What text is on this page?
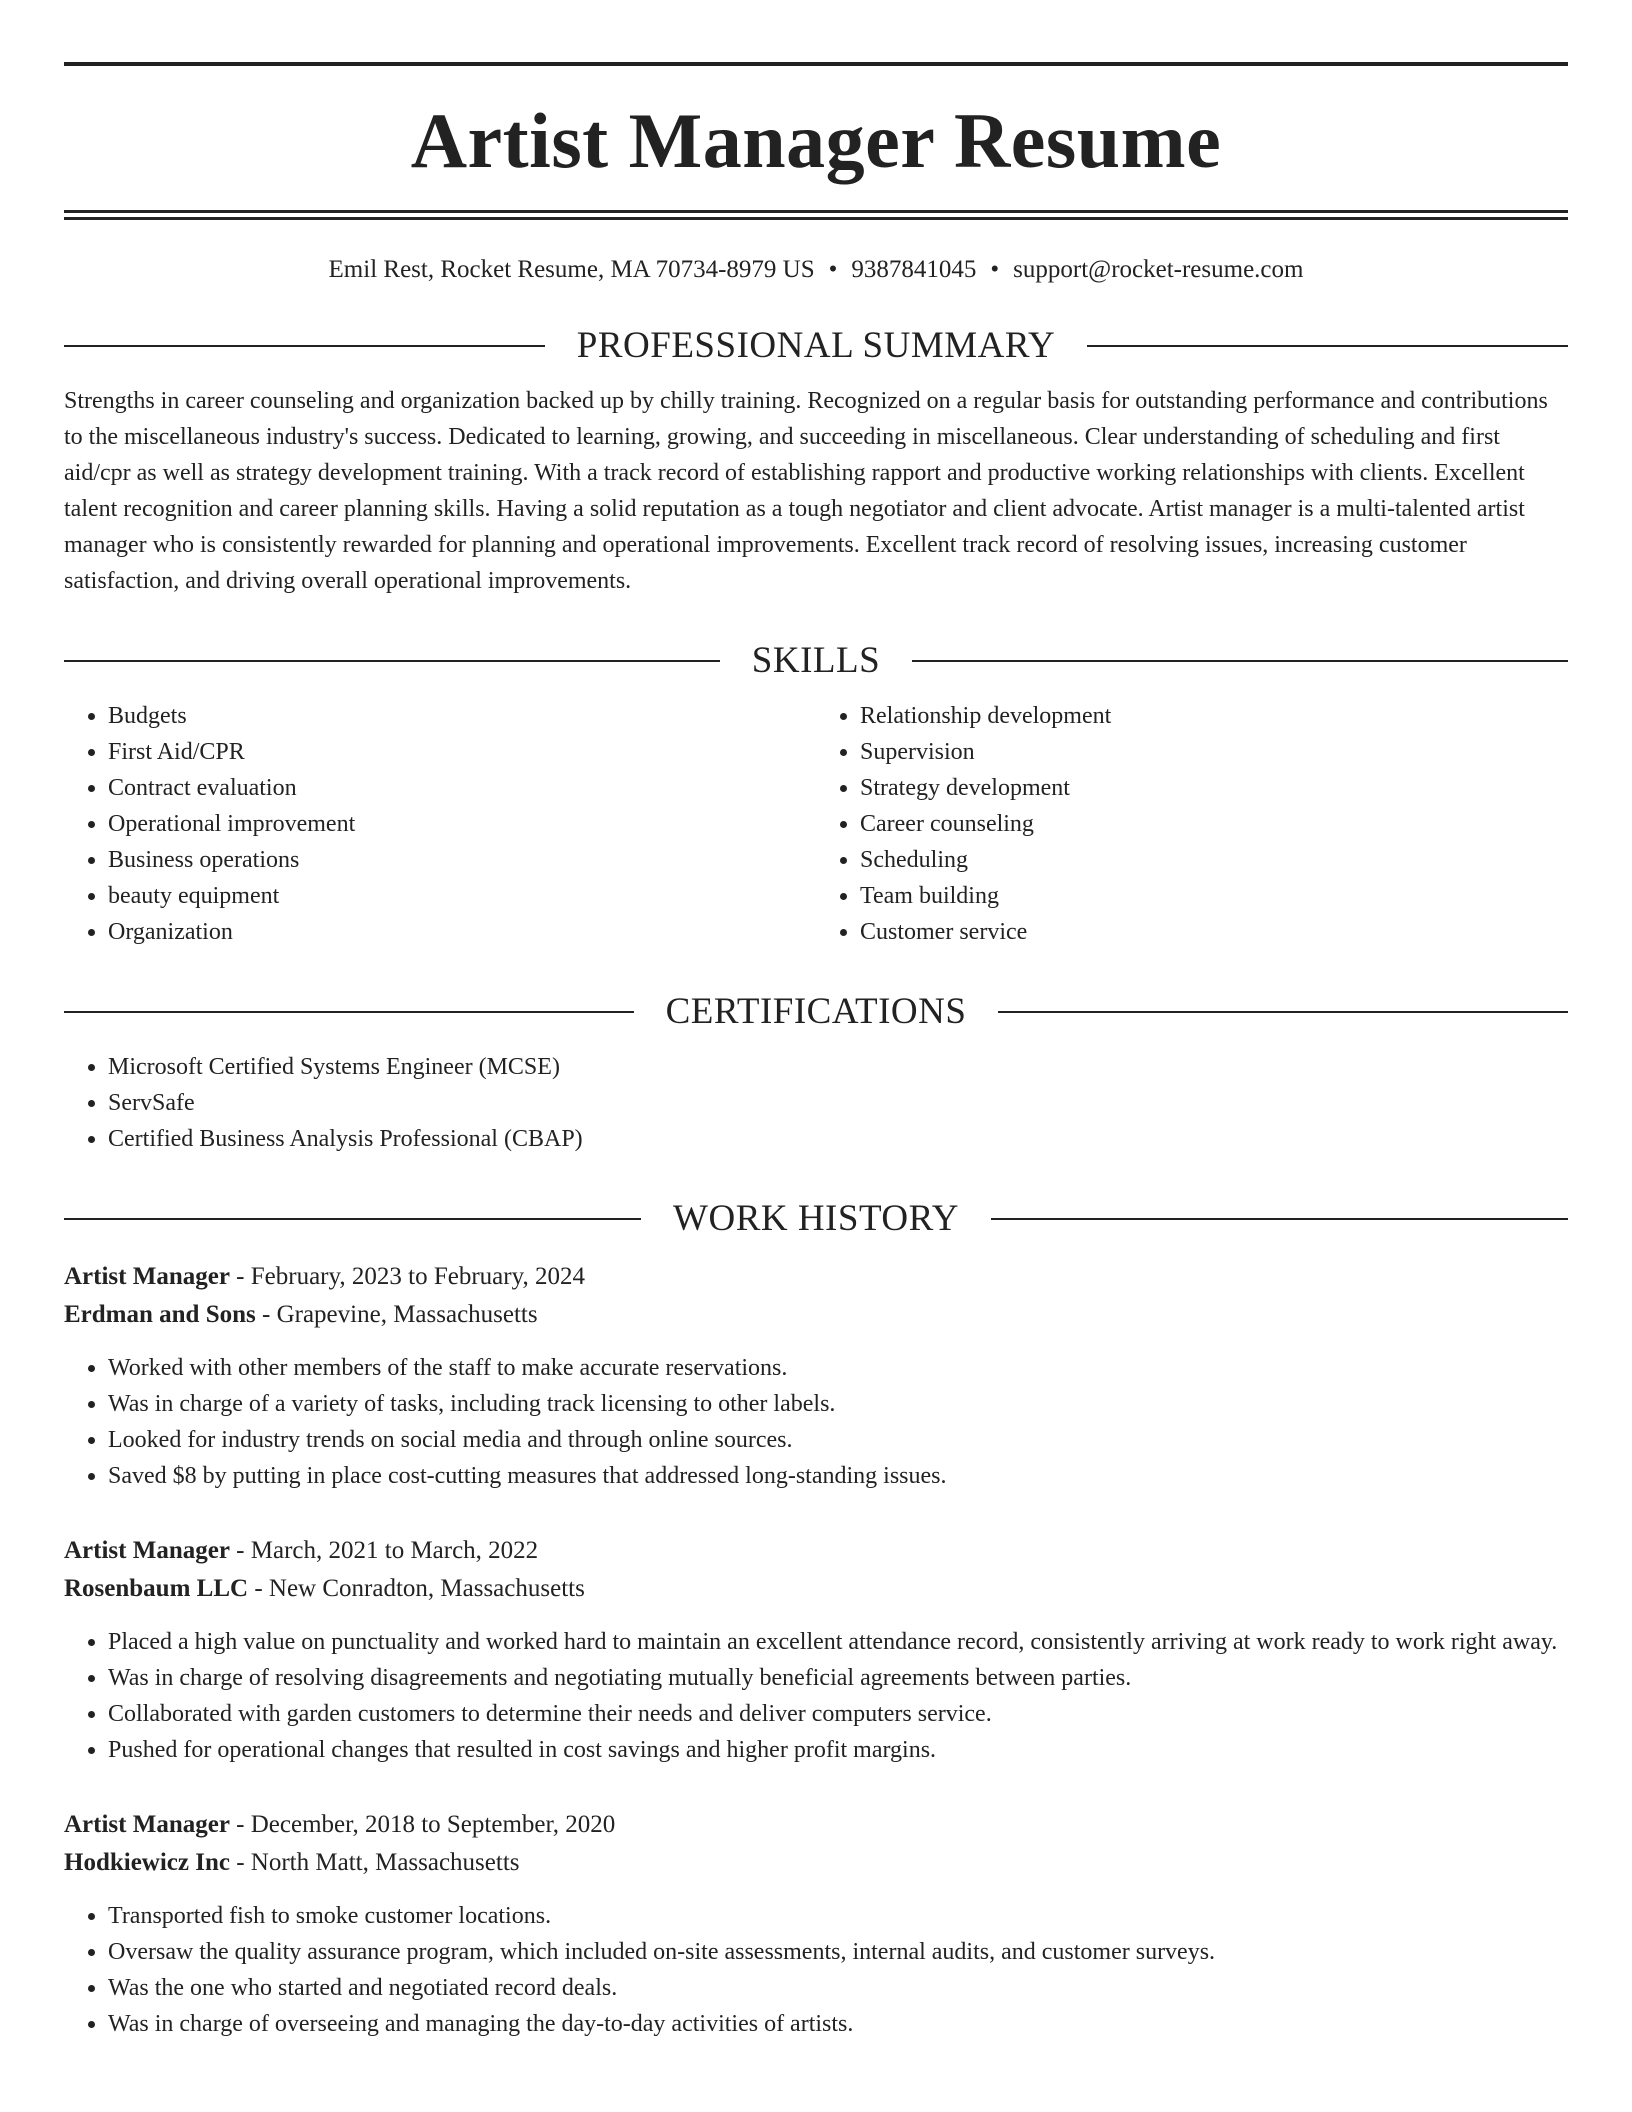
Artist Manager Resume
Emil Rest, Rocket Resume, MA 70734-8979 US • 9387841045 • support@rocket-resume.com
PROFESSIONAL SUMMARY
Strengths in career counseling and organization backed up by chilly training. Recognized on a regular basis for outstanding performance and contributions to the miscellaneous industry's success. Dedicated to learning, growing, and succeeding in miscellaneous. Clear understanding of scheduling and first aid/cpr as well as strategy development training. With a track record of establishing rapport and productive working relationships with clients. Excellent talent recognition and career planning skills. Having a solid reputation as a tough negotiator and client advocate. Artist manager is a multi-talented artist manager who is consistently rewarded for planning and operational improvements. Excellent track record of resolving issues, increasing customer satisfaction, and driving overall operational improvements.
SKILLS
• Budgets
• First Aid/CPR
• Contract evaluation
• Operational improvement
• Business operations
• beauty equipment
• Organization
• Relationship development
• Supervision
• Strategy development
• Career counseling
• Scheduling
• Team building
• Customer service
CERTIFICATIONS
• Microsoft Certified Systems Engineer (MCSE)
• ServSafe
• Certified Business Analysis Professional (CBAP)
WORK HISTORY
Artist Manager - February, 2023 to February, 2024
Erdman and Sons - Grapevine, Massachusetts
• Worked with other members of the staff to make accurate reservations.
• Was in charge of a variety of tasks, including track licensing to other labels.
• Looked for industry trends on social media and through online sources.
• Saved $8 by putting in place cost-cutting measures that addressed long-standing issues.
Artist Manager - March, 2021 to March, 2022
Rosenbaum LLC - New Conradton, Massachusetts
• Placed a high value on punctuality and worked hard to maintain an excellent attendance record, consistently arriving at work ready to work right away.
• Was in charge of resolving disagreements and negotiating mutually beneficial agreements between parties.
• Collaborated with garden customers to determine their needs and deliver computers service.
• Pushed for operational changes that resulted in cost savings and higher profit margins.
Artist Manager - December, 2018 to September, 2020
Hodkiewicz Inc - North Matt, Massachusetts
• Transported fish to smoke customer locations.
• Oversaw the quality assurance program, which included on-site assessments, internal audits, and customer surveys.
• Was the one who started and negotiated record deals.
• Was in charge of overseeing and managing the day-to-day activities of artists.
